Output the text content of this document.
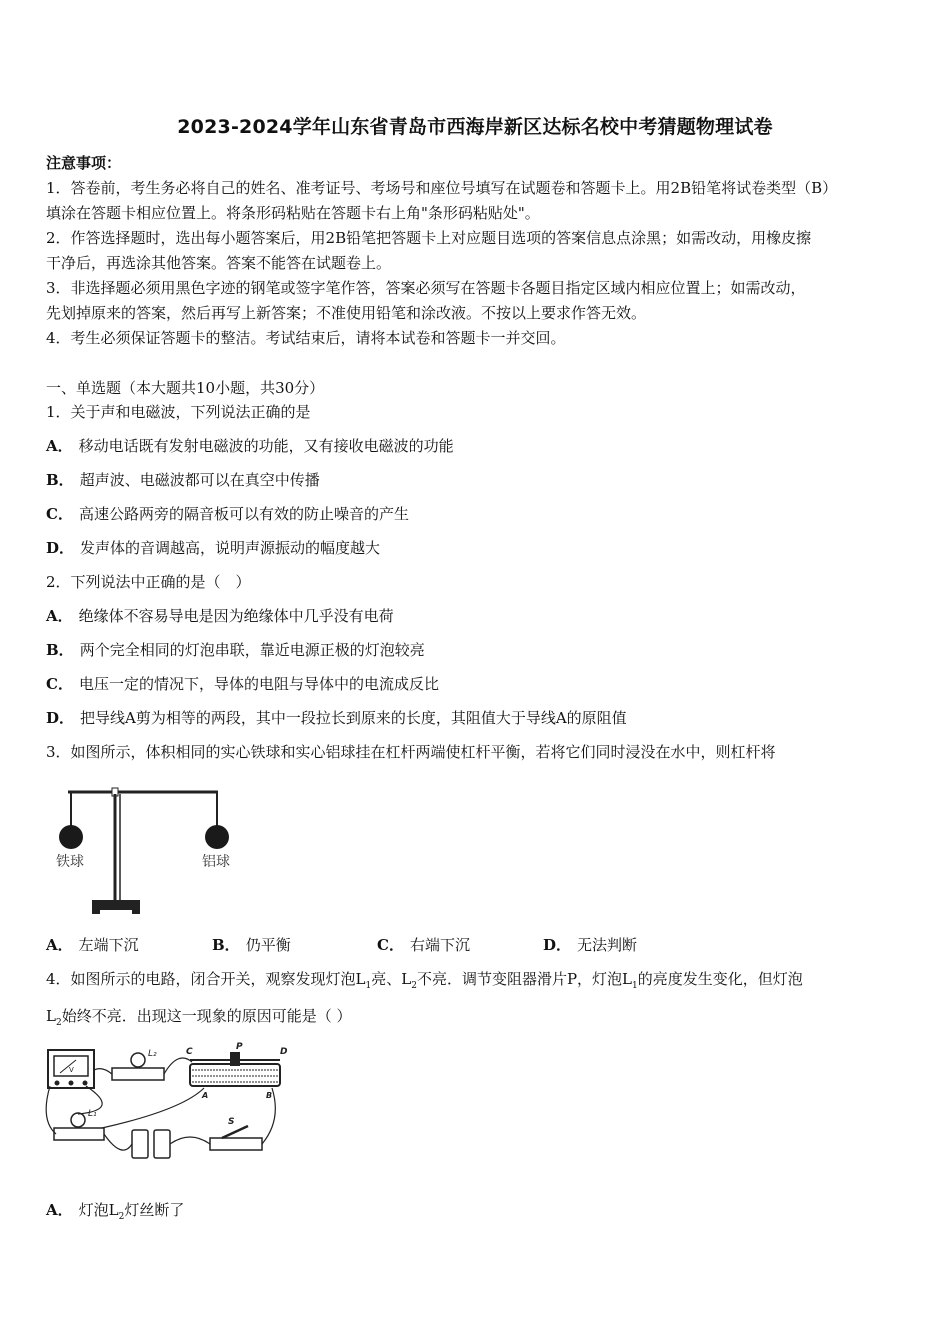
2023-2024学年山东省青岛市西海岸新区达标名校中考猜题物理试卷
注意事项：
1．答卷前，考生务必将自己的姓名、准考证号、考场号和座位号填写在试题卷和答题卡上。用2B铅笔将试卷类型（B）
填涂在答题卡相应位置上。将条形码粘贴在答题卡右上角"条形码粘贴处"。
2．作答选择题时，选出每小题答案后，用2B铅笔把答题卡上对应题目选项的答案信息点涂黑；如需改动，用橡皮擦
干净后，再选涂其他答案。答案不能答在试题卷上。
3．非选择题必须用黑色字迹的钢笔或签字笔作答，答案必须写在答题卡各题目指定区域内相应位置上；如需改动，
先划掉原来的答案，然后再写上新答案；不准使用铅笔和涂改液。不按以上要求作答无效。
4．考生必须保证答题卡的整洁。考试结束后，请将本试卷和答题卡一并交回。
一、单选题（本大题共10小题，共30分）
1．关于声和电磁波，下列说法正确的是
A． 移动电话既有发射电磁波的功能，又有接收电磁波的功能
B． 超声波、电磁波都可以在真空中传播
C． 高速公路两旁的隔音板可以有效的防止噪音的产生
D． 发声体的音调越高，说明声源振动的幅度越大
2．下列说法中正确的是（　）
A． 绝缘体不容易导电是因为绝缘体中几乎没有电荷
B． 两个完全相同的灯泡串联，靠近电源正极的灯泡较亮
C． 电压一定的情况下，导体的电阻与导体中的电流成反比
D． 把导线A剪为相等的两段，其中一段拉长到原来的长度，其阻值大于导线A的原阻值
3．如图所示，体积相同的实心铁球和实心铝球挂在杠杆两端使杠杆平衡，若将它们同时浸没在水中，则杠杆将
铁球	铝球
A． 左端下沉	B． 仍平衡	C． 右端下沉	D． 无法判断
4．如图所示的电路，闭合开关，观察发现灯泡$L_1$亮、$L_2$不亮．调节变阻器滑片P，灯泡$L_1$的亮度发生变化，但灯泡
$L_2$始终不亮．出现这一现象的原因可能是（ ）
V
L₂	C	P	D
A	B
L₁
S
A． 灯泡$L_2$灯丝断了
